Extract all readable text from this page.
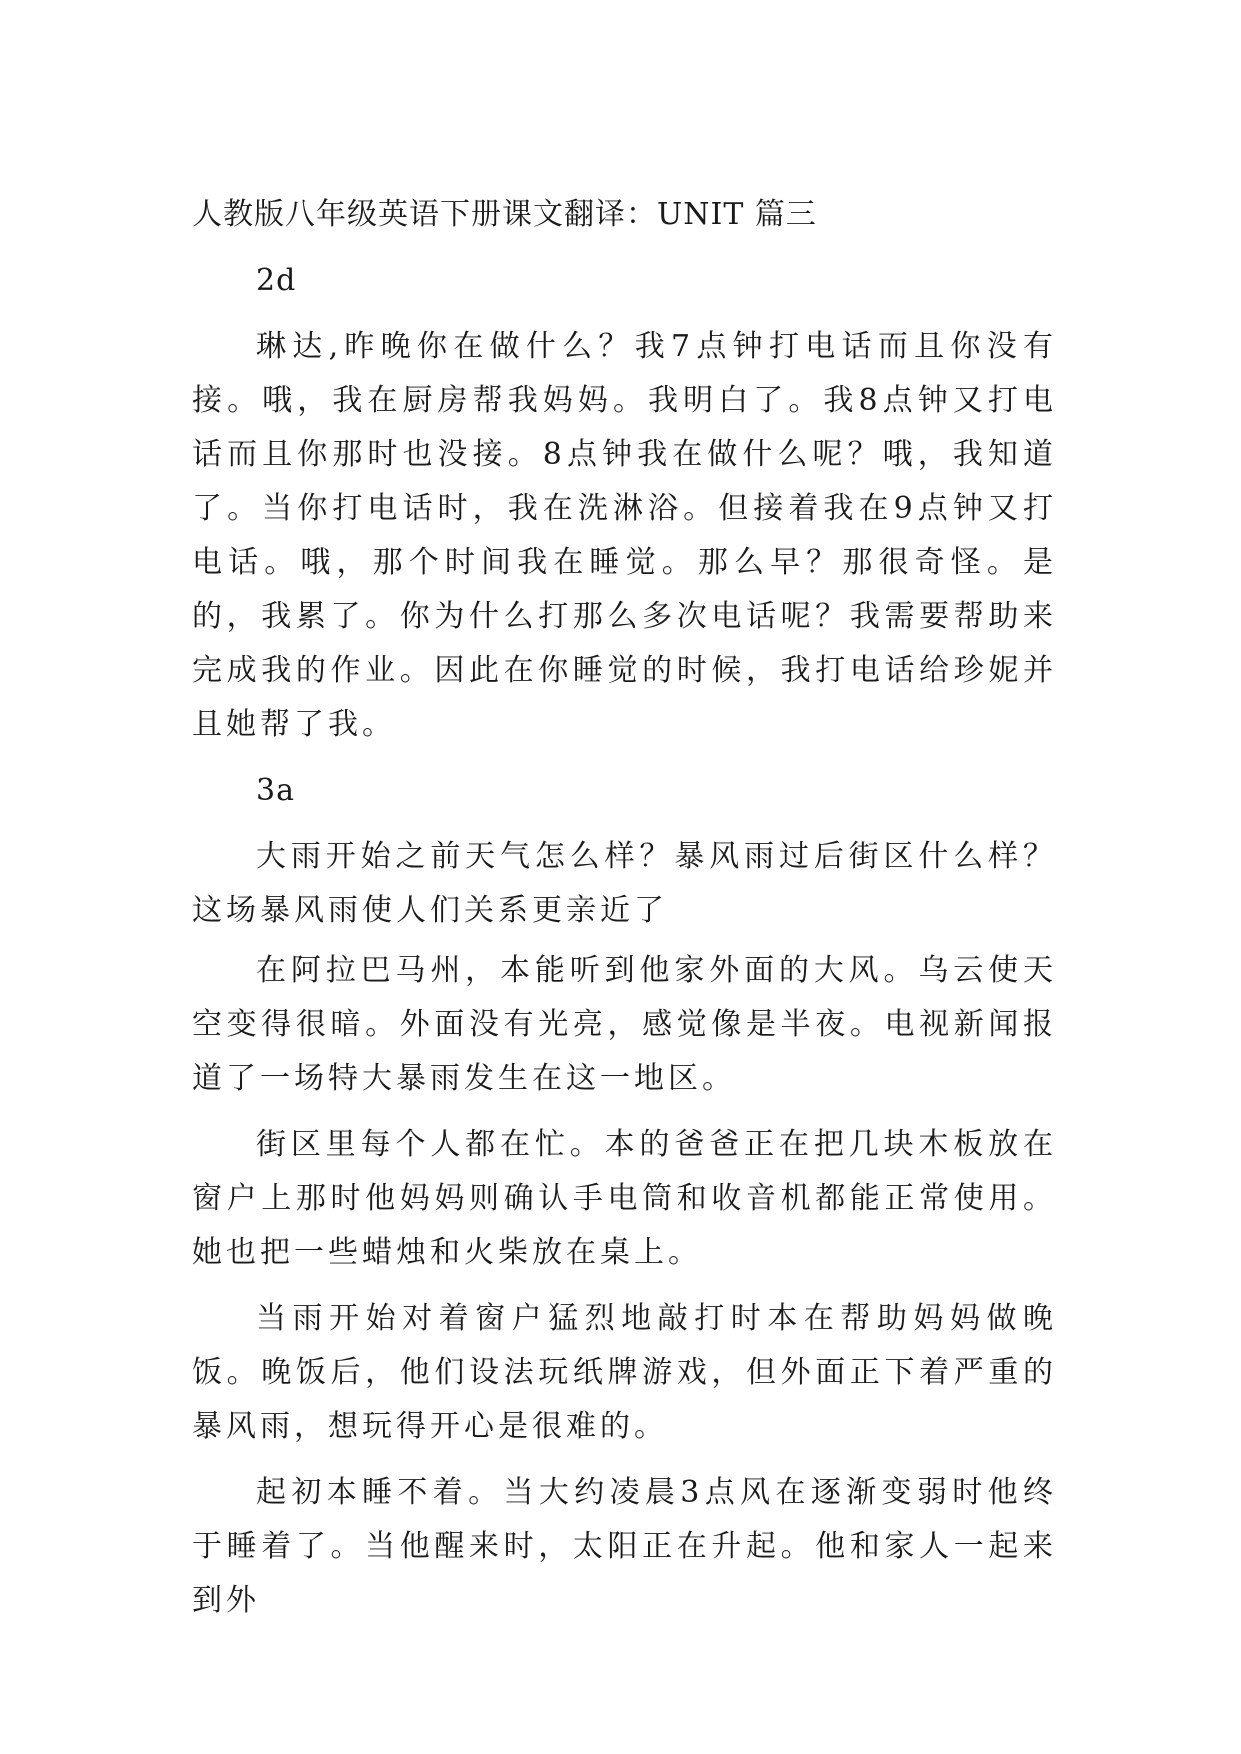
人教版八年级英语下册课文翻译：UNIT 篇三
2d

琳达,昨晚你在做什么？我7点钟打电话而且你没有接。哦，我在厨房帮我妈妈。我明白了。我8点钟又打电话而且你那时也没接。8点钟我在做什么呢？哦，我知道了。当你打电话时，我在洗淋浴。但接着我在9点钟又打电话。哦，那个时间我在睡觉。那么早？那很奇怪。是的，我累了。你为什么打那么多次电话呢？我需要帮助来完成我的作业。因此在你睡觉的时候，我打电话给珍妮并且她帮了我。

3a

大雨开始之前天气怎么样？暴风雨过后街区什么样？这场暴风雨使人们关系更亲近了

在阿拉巴马州，本能听到他家外面的大风。乌云使天空变得很暗。外面没有光亮，感觉像是半夜。电视新闻报道了一场特大暴雨发生在这一地区。

街区里每个人都在忙。本的爸爸正在把几块木板放在窗户上那时他妈妈则确认手电筒和收音机都能正常使用。她也把一些蜡烛和火柴放在桌上。

当雨开始对着窗户猛烈地敲打时本在帮助妈妈做晚饭。晚饭后，他们设法玩纸牌游戏，但外面正下着严重的暴风雨，想玩得开心是很难的。

起初本睡不着。当大约凌晨3点风在逐渐变弱时他终于睡着了。当他醒来时，太阳正在升起。他和家人一起来到外
